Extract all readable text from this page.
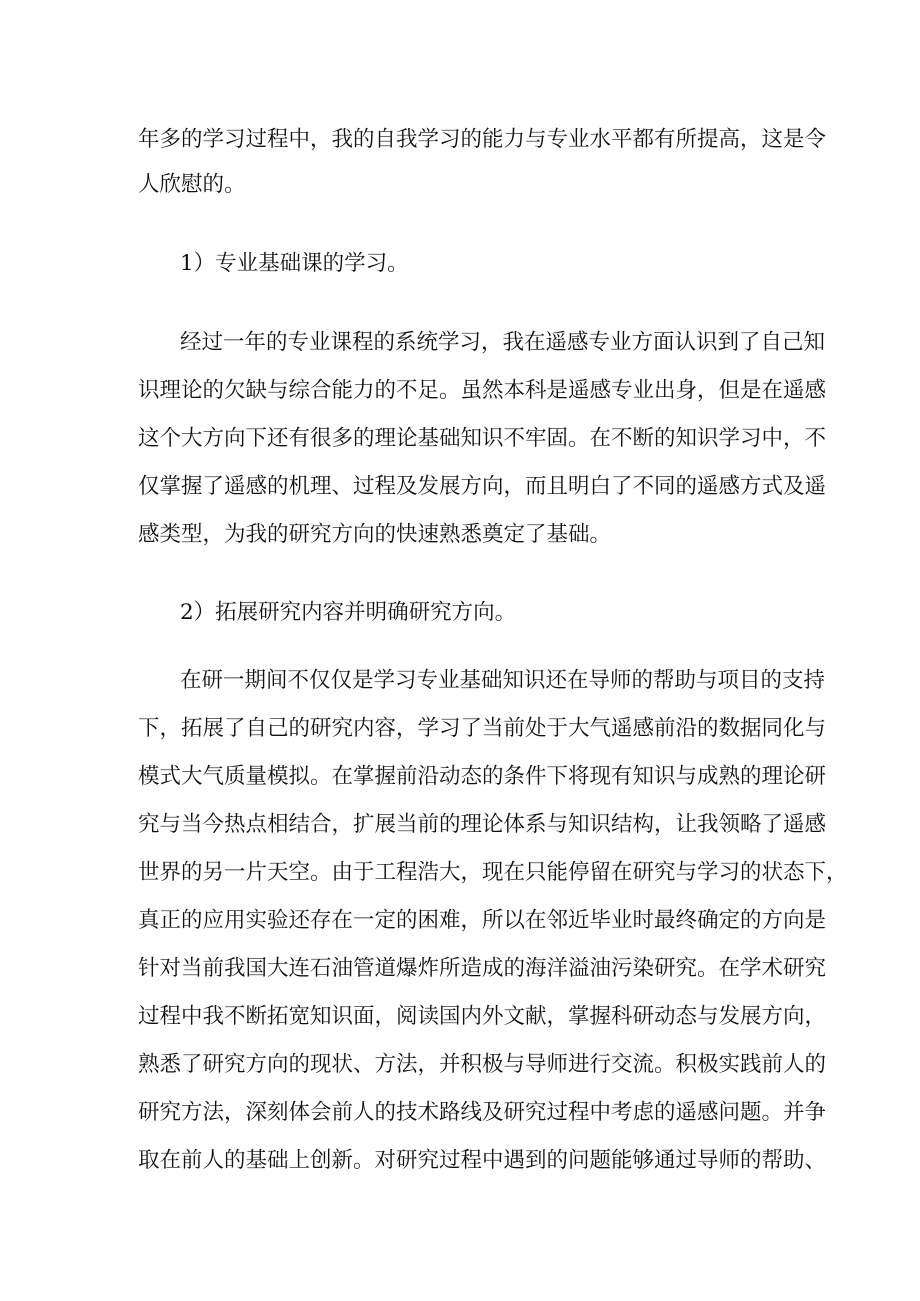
年多的学习过程中，我的自我学习的能力与专业水平都有所提高，这是令
人欣慰的。
1）专业基础课的学习。
经过一年的专业课程的系统学习，我在遥感专业方面认识到了自己知
识理论的欠缺与综合能力的不足。虽然本科是遥感专业出身，但是在遥感
这个大方向下还有很多的理论基础知识不牢固。在不断的知识学习中，不
仅掌握了遥感的机理、过程及发展方向，而且明白了不同的遥感方式及遥
感类型，为我的研究方向的快速熟悉奠定了基础。
2）拓展研究内容并明确研究方向。
在研一期间不仅仅是学习专业基础知识还在导师的帮助与项目的支持
下，拓展了自己的研究内容，学习了当前处于大气遥感前沿的数据同化与
模式大气质量模拟。在掌握前沿动态的条件下将现有知识与成熟的理论研
究与当今热点相结合，扩展当前的理论体系与知识结构，让我领略了遥感
世界的另一片天空。由于工程浩大，现在只能停留在研究与学习的状态下，
真正的应用实验还存在一定的困难，所以在邻近毕业时最终确定的方向是
针对当前我国大连石油管道爆炸所造成的海洋溢油污染研究。在学术研究
过程中我不断拓宽知识面，阅读国内外文献，掌握科研动态与发展方向，
熟悉了研究方向的现状、方法，并积极与导师进行交流。积极实践前人的
研究方法，深刻体会前人的技术路线及研究过程中考虑的遥感问题。并争
取在前人的基础上创新。对研究过程中遇到的问题能够通过导师的帮助、
